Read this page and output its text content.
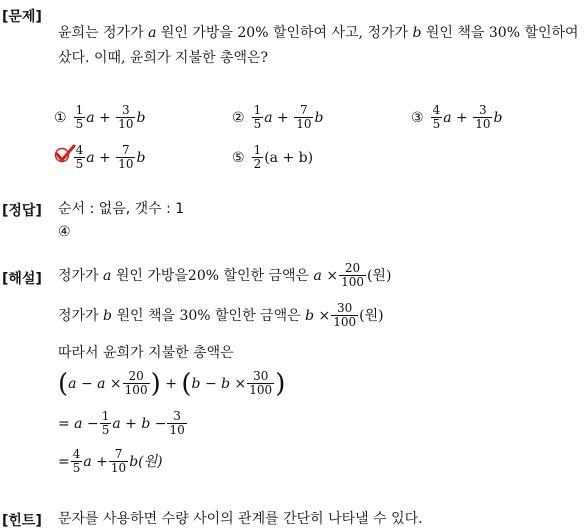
[문제]
윤희는 정가가 a 원인 가방을 20% 할인하여 사고, 정가가 b 원인 책을 30% 할인하여
샀다. 이때, 윤희가 지불한 총액은?
① $\frac{1}{5}$ a
+
$\frac{3}{10}$ b	② $\frac{1}{5}$ a
+
$\frac{7}{10}$ b	③ $\frac{4}{5}$ a
+
$\frac{3}{10}$ b
$\frac{4}{5}$ a
+
$\frac{7}{10}$ b	⑤ $\frac{1}{2} (a + b)$
[정답] 순서 : 없음, 갯수 : 1
④
[해설] 정가가
a
원인 가방을20% 할인한 금액은
$a \times \frac{20}{100}$ (원)
정가가
b
원인 책을 30% 할인한 금액은
$b \times \frac{30}{100}$ (원)
따라서 윤희가 지불한 총액은
( $a - a \times \frac{20}{100}$ )
+
( $b - b \times \frac{30}{100}$ )
= $a - \frac{1}{5}$ $a + b - \frac{3}{10}$
= $\frac{4}{5}$ $a + \frac{7}{10} b$(원)
[힌트] 문자를 사용하면 수량 사이의 관계를 간단히 나타낼 수 있다.
